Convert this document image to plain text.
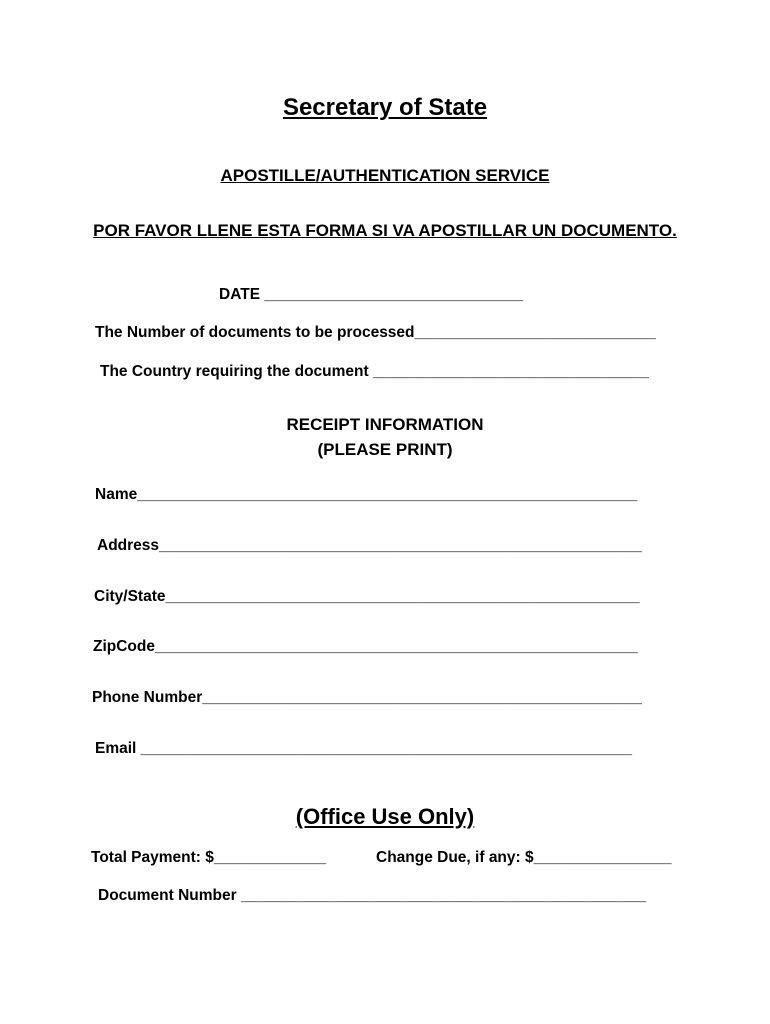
Secretary of State
APOSTILLE/AUTHENTICATION SERVICE
POR FAVOR LLENE ESTA FORMA SI VA APOSTILLAR UN DOCUMENTO.
DATE ______________________________
The Number of documents to be processed____________________________
The Country requiring the document ________________________________
RECEIPT INFORMATION
(PLEASE PRINT)
Name__________________________________________________________
Address________________________________________________________
City/State_______________________________________________________
ZipCode________________________________________________________
Phone Number___________________________________________________
Email _________________________________________________________
(Office Use Only)
Total Payment: $_____________	Change Due, if any: $________________
Document Number _______________________________________________
